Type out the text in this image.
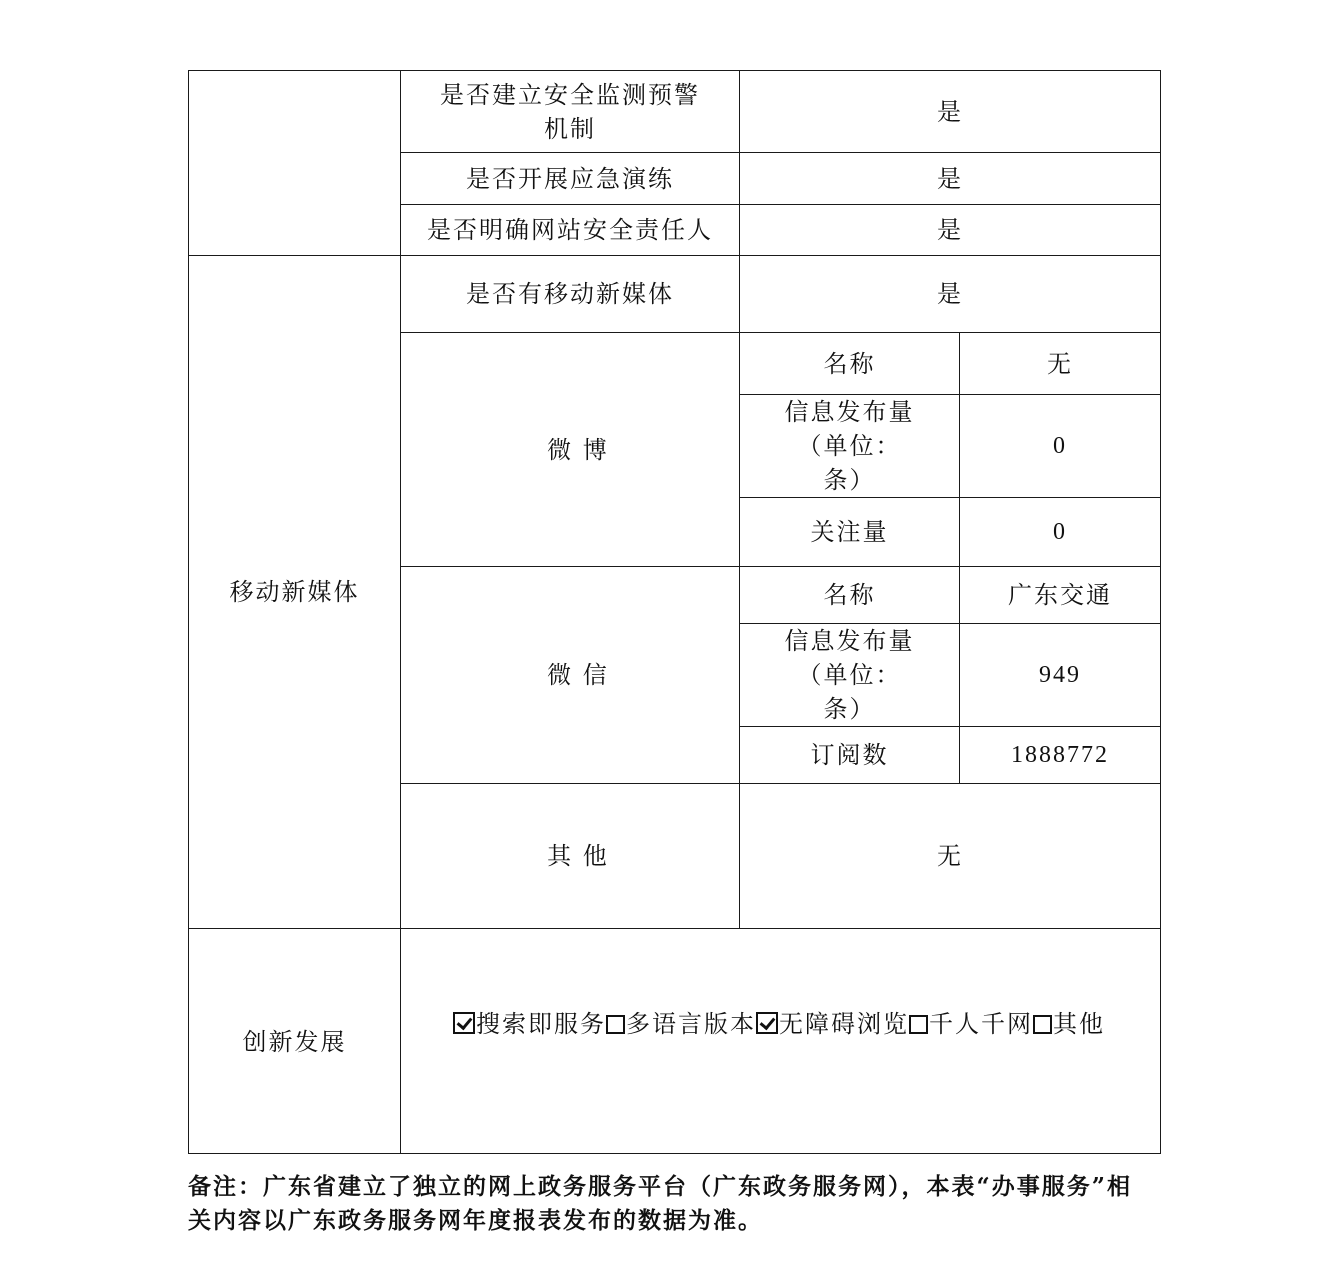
	是否建立安全监测预警机制	是	
	是否开展应急演练	是	
	是否明确网站安全责任人	是	
移动新媒体	是否有移动新媒体	是	
	微 博	名称	无
		信息发布量（单位：条）	0
		关注量	0
	微 信	名称	广东交通
		信息发布量（单位：条）	949
		订阅数	1888772
	其 他	无	
创新发展	搜索即服务 多语言版本 无障碍浏览 千人千网 其他		

备注：广东省建立了独立的网上政务服务平台（广东政务服务网），本表“办事服务”相关内容以广东政务服务网年度报表发布的数据为准。
